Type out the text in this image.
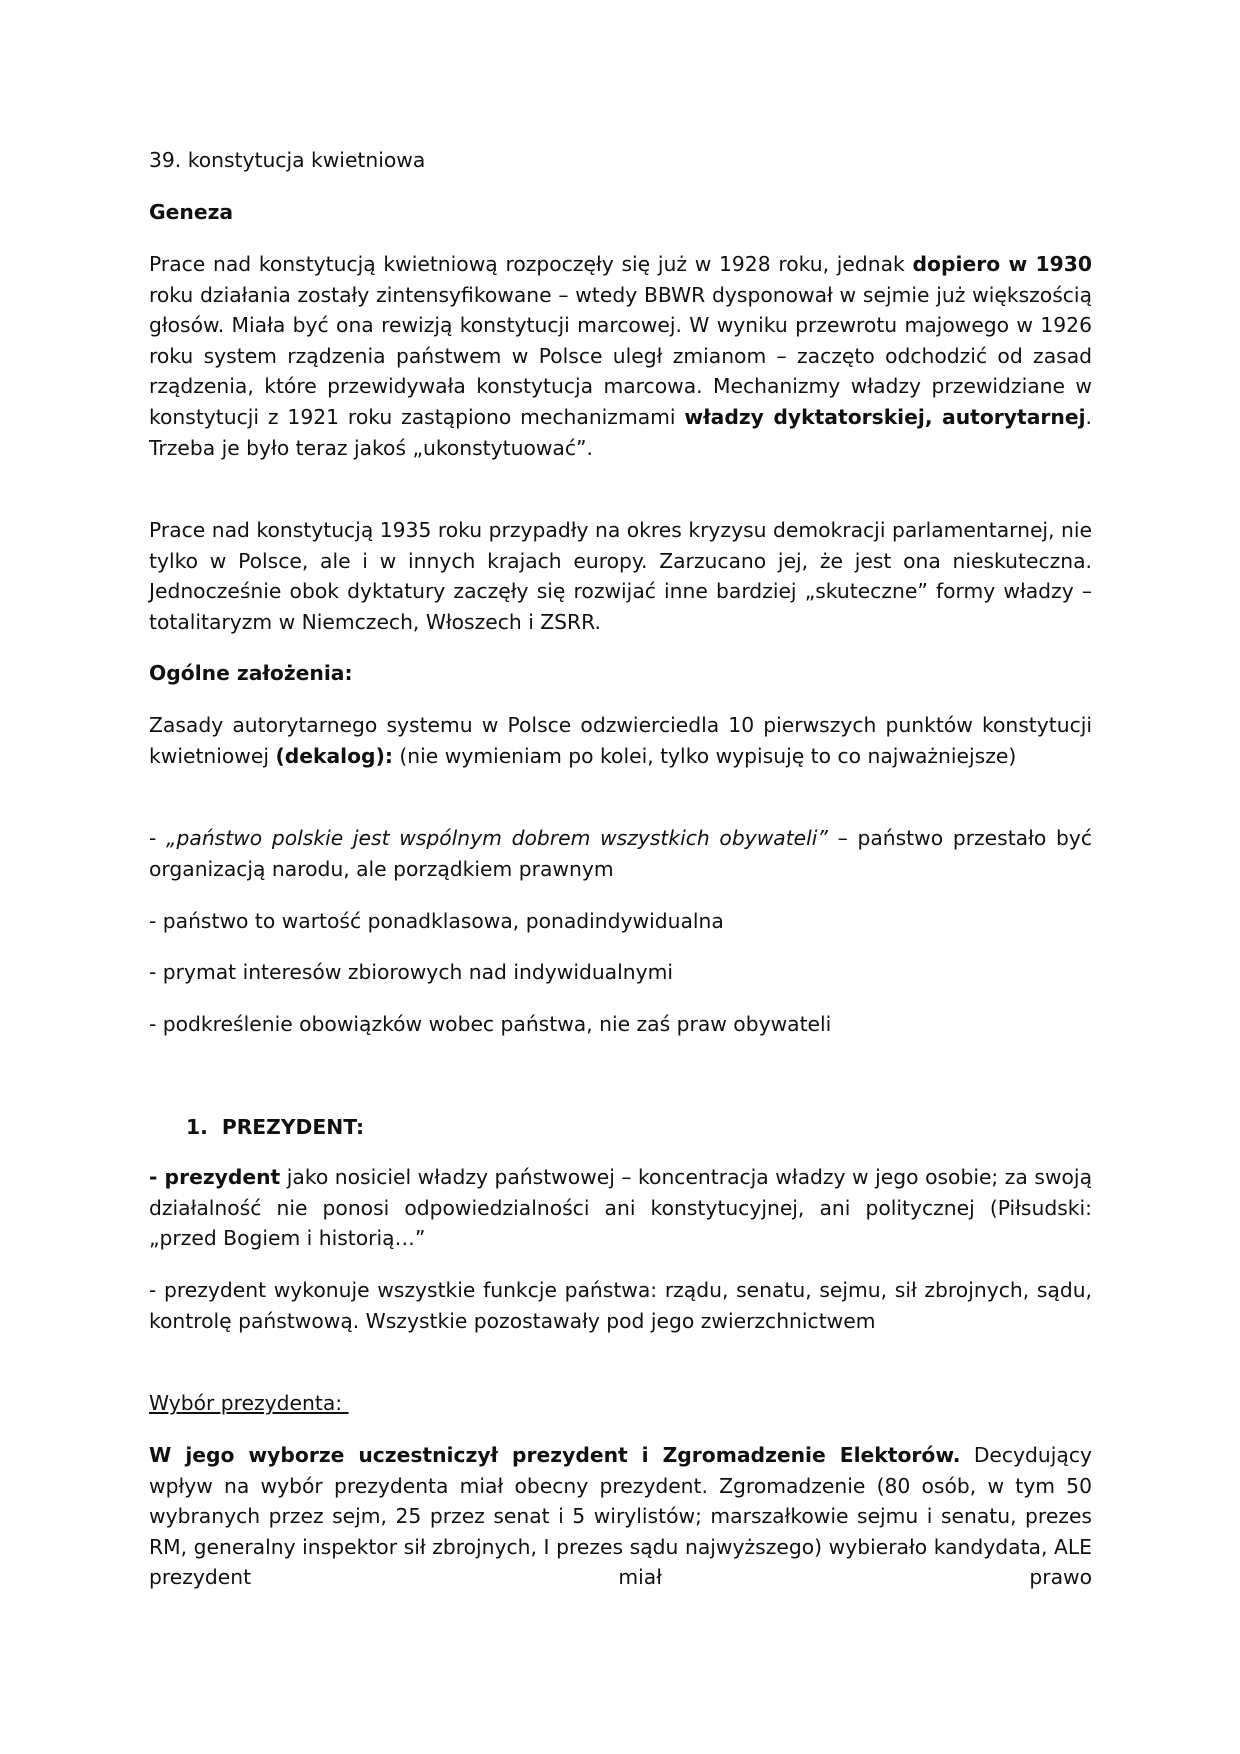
39. konstytucja kwietniowa
Geneza
Prace nad konstytucją kwietniową rozpoczęły się już w 1928 roku, jednak dopiero w 1930 roku działania zostały zintensyfikowane – wtedy BBWR dysponował w sejmie już większością głosów. Miała być ona rewizją konstytucji marcowej. W wyniku przewrotu majowego w 1926 roku system rządzenia państwem w Polsce uległ zmianom – zaczęto odchodzić od zasad rządzenia, które przewidywała konstytucja marcowa. Mechanizmy władzy przewidziane w konstytucji z 1921 roku zastąpiono mechanizmami władzy dyktatorskiej, autorytarnej. Trzeba je było teraz jakoś „ukonstytuować”.
Prace nad konstytucją 1935 roku przypadły na okres kryzysu demokracji parlamentarnej, nie tylko w Polsce, ale i w innych krajach europy. Zarzucano jej, że jest ona nieskuteczna. Jednocześnie obok dyktatury zaczęły się rozwijać inne bardziej „skuteczne” formy władzy – totalitaryzm w Niemczech, Włoszech i ZSRR.
Ogólne założenia:
Zasady autorytarnego systemu w Polsce odzwierciedla 10 pierwszych punktów konstytucji kwietniowej (dekalog): (nie wymieniam po kolei, tylko wypisuję to co najważniejsze)
- „państwo polskie jest wspólnym dobrem wszystkich obywateli” – państwo przestało być organizacją narodu, ale porządkiem prawnym
- państwo to wartość ponadklasowa, ponadindywidualna
- prymat interesów zbiorowych nad indywidualnymi
- podkreślenie obowiązków wobec państwa, nie zaś praw obywateli
1. PREZYDENT:
- prezydent jako nosiciel władzy państwowej – koncentracja władzy w jego osobie; za swoją działalność nie ponosi odpowiedzialności ani konstytucyjnej, ani politycznej (Piłsudski: „przed Bogiem i historią…”
- prezydent wykonuje wszystkie funkcje państwa: rządu, senatu, sejmu, sił zbrojnych, sądu, kontrolę państwową. Wszystkie pozostawały pod jego zwierzchnictwem
Wybór prezydenta:
W jego wyborze uczestniczył prezydent i Zgromadzenie Elektorów. Decydujący wpływ na wybór prezydenta miał obecny prezydent. Zgromadzenie (80 osób, w tym 50 wybranych przez sejm, 25 przez senat i 5 wirylistów; marszałkowie sejmu i senatu, prezes RM, generalny inspektor sił zbrojnych, I prezes sądu najwyższego) wybierało kandydata, ALE prezydent miał prawo
